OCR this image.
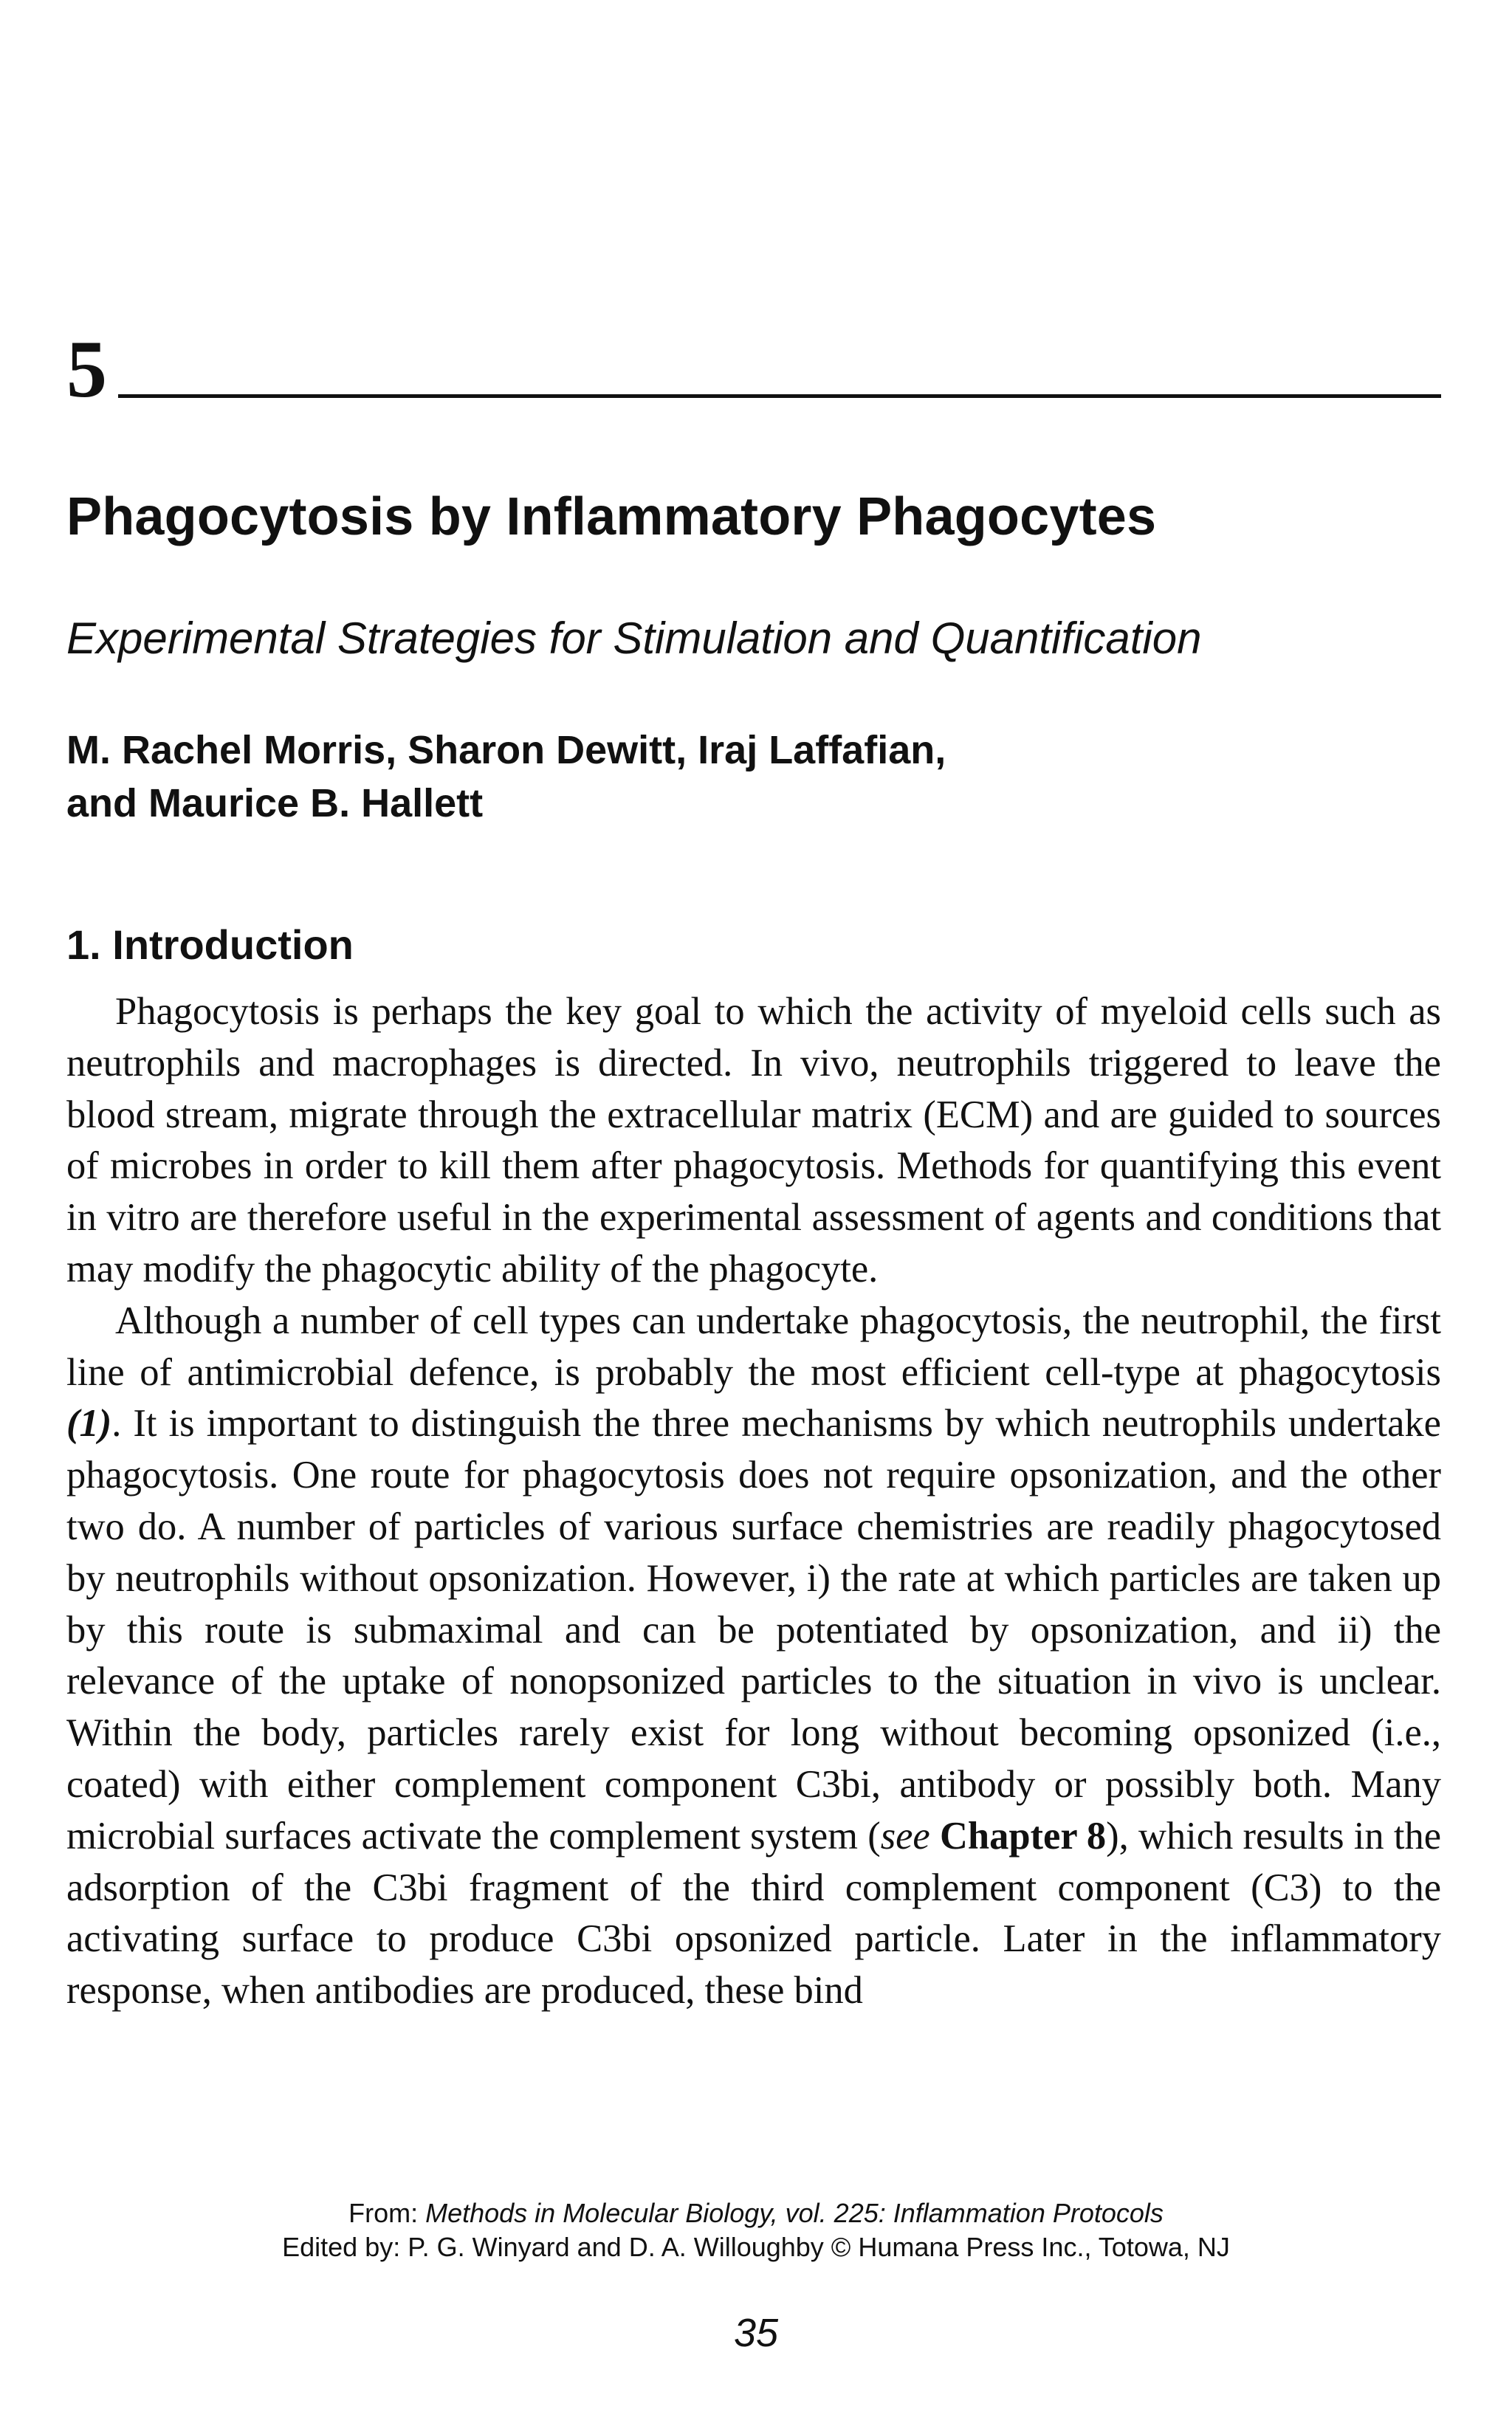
5
Phagocytosis by Inflammatory Phagocytes
Experimental Strategies for Stimulation and Quantification
M. Rachel Morris, Sharon Dewitt, Iraj Laffafian,
and Maurice B. Hallett
1. Introduction

Phagocytosis is perhaps the key goal to which the activity of myeloid cells such as neutrophils and macrophages is directed. In vivo, neutrophils triggered to leave the blood stream, migrate through the extracellular matrix (ECM) and are guided to sources of microbes in order to kill them after phagocytosis. Methods for quantifying this event in vitro are therefore useful in the experimental assessment of agents and conditions that may modify the phagocytic ability of the phagocyte.

Although a number of cell types can undertake phagocytosis, the neutrophil, the first line of antimicrobial defence, is probably the most efficient cell-type at phagocytosis (1). It is important to distinguish the three mechanisms by which neutrophils undertake phagocytosis. One route for phagocytosis does not require opsonization, and the other two do. A number of particles of various surface chemistries are readily phagocytosed by neutrophils without opsonization. However, i) the rate at which particles are taken up by this route is submaximal and can be potentiated by opsonization, and ii) the relevance of the uptake of nonopsonized particles to the situation in vivo is unclear. Within the body, particles rarely exist for long without becoming opsonized (i.e., coated) with either complement component C3bi, antibody or possibly both. Many microbial surfaces activate the complement system (see Chapter 8), which results in the adsorption of the C3bi fragment of the third complement component (C3) to the activating surface to produce C3bi opsonized particle. Later in the inflammatory response, when antibodies are produced, these bind

From: Methods in Molecular Biology, vol. 225: Inflammation Protocols
Edited by: P. G. Winyard and D. A. Willoughby © Humana Press Inc., Totowa, NJ
35
